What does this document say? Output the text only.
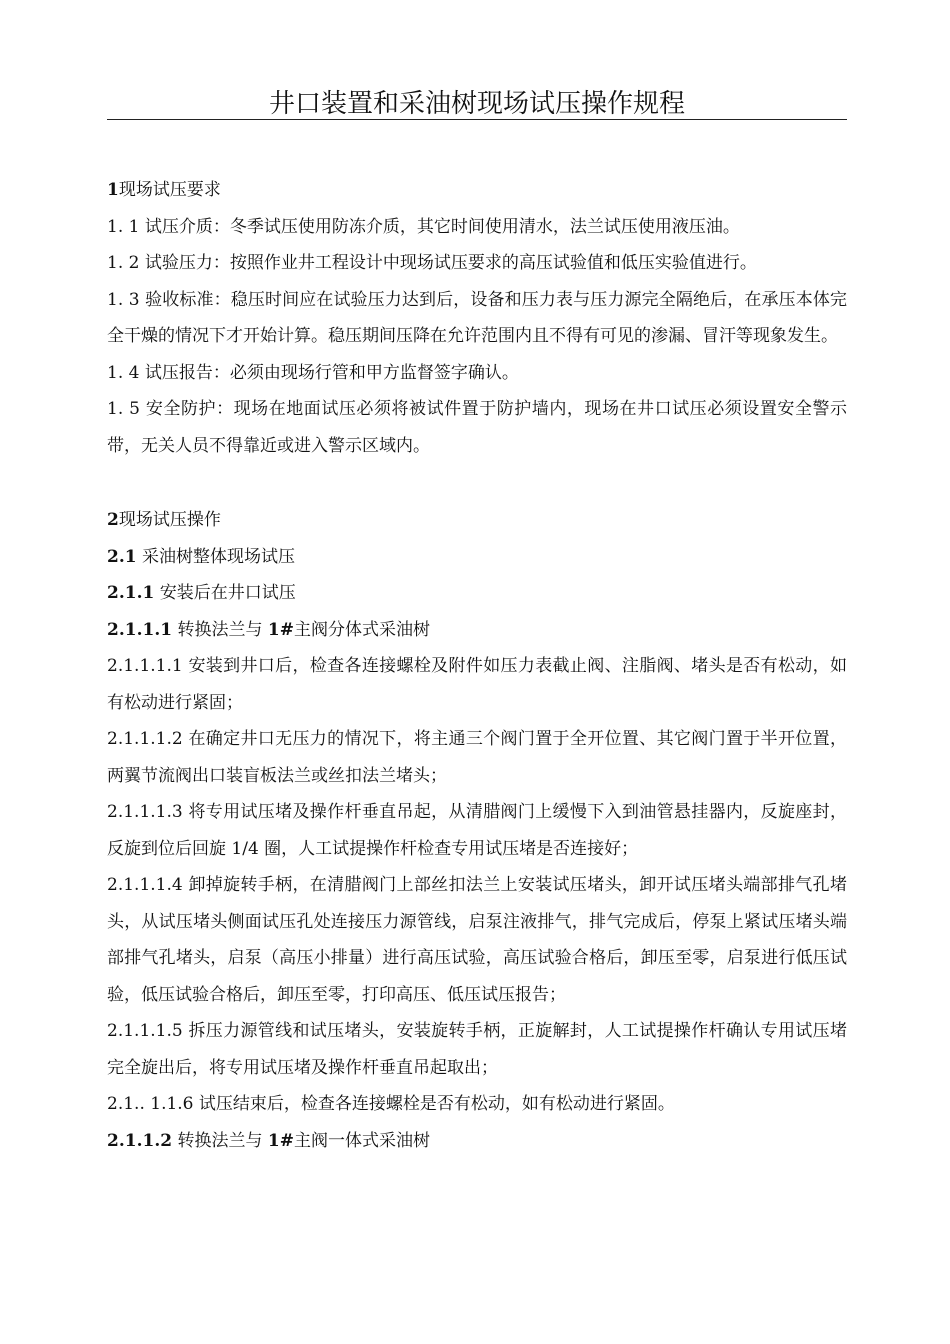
井口装置和采油树现场试压操作规程

1现场试压要求

1. 1 试压介质：冬季试压使用防冻介质，其它时间使用清水，法兰试压使用液压油。

1. 2 试验压力：按照作业井工程设计中现场试压要求的高压试验值和低压实验值进行。

1. 3 验收标准：稳压时间应在试验压力达到后，设备和压力表与压力源完全隔绝后，在承压本体完全干燥的情况下才开始计算。稳压期间压降在允许范围内且不得有可见的渗漏、冒汗等现象发生。

1. 4 试压报告：必须由现场行管和甲方监督签字确认。

1. 5 安全防护：现场在地面试压必须将被试件置于防护墙内，现场在井口试压必须设置安全警示带，无关人员不得靠近或进入警示区域内。

2现场试压操作

2.1 采油树整体现场试压

2.1.1 安装后在井口试压

2.1.1.1 转换法兰与 1#主阀分体式采油树

2.1.1.1.1 安装到井口后，检查各连接螺栓及附件如压力表截止阀、注脂阀、堵头是否有松动，如有松动进行紧固；

2.1.1.1.2 在确定井口无压力的情况下，将主通三个阀门置于全开位置、其它阀门置于半开位置，两翼节流阀出口装盲板法兰或丝扣法兰堵头；

2.1.1.1.3 将专用试压堵及操作杆垂直吊起，从清腊阀门上缓慢下入到油管悬挂器内，反旋座封，反旋到位后回旋 1/4 圈，人工试提操作杆检查专用试压堵是否连接好；

2.1.1.1.4 卸掉旋转手柄，在清腊阀门上部丝扣法兰上安装试压堵头，卸开试压堵头端部排气孔堵头，从试压堵头侧面试压孔处连接压力源管线，启泵注液排气，排气完成后，停泵上紧试压堵头端部排气孔堵头，启泵（高压小排量）进行高压试验，高压试验合格后，卸压至零，启泵进行低压试验，低压试验合格后，卸压至零，打印高压、低压试压报告；

2.1.1.1.5 拆压力源管线和试压堵头，安装旋转手柄，正旋解封，人工试提操作杆确认专用试压堵完全旋出后，将专用试压堵及操作杆垂直吊起取出；

2.1.. 1.1.6 试压结束后，检查各连接螺栓是否有松动，如有松动进行紧固。

2.1.1.2 转换法兰与 1#主阀一体式采油树
